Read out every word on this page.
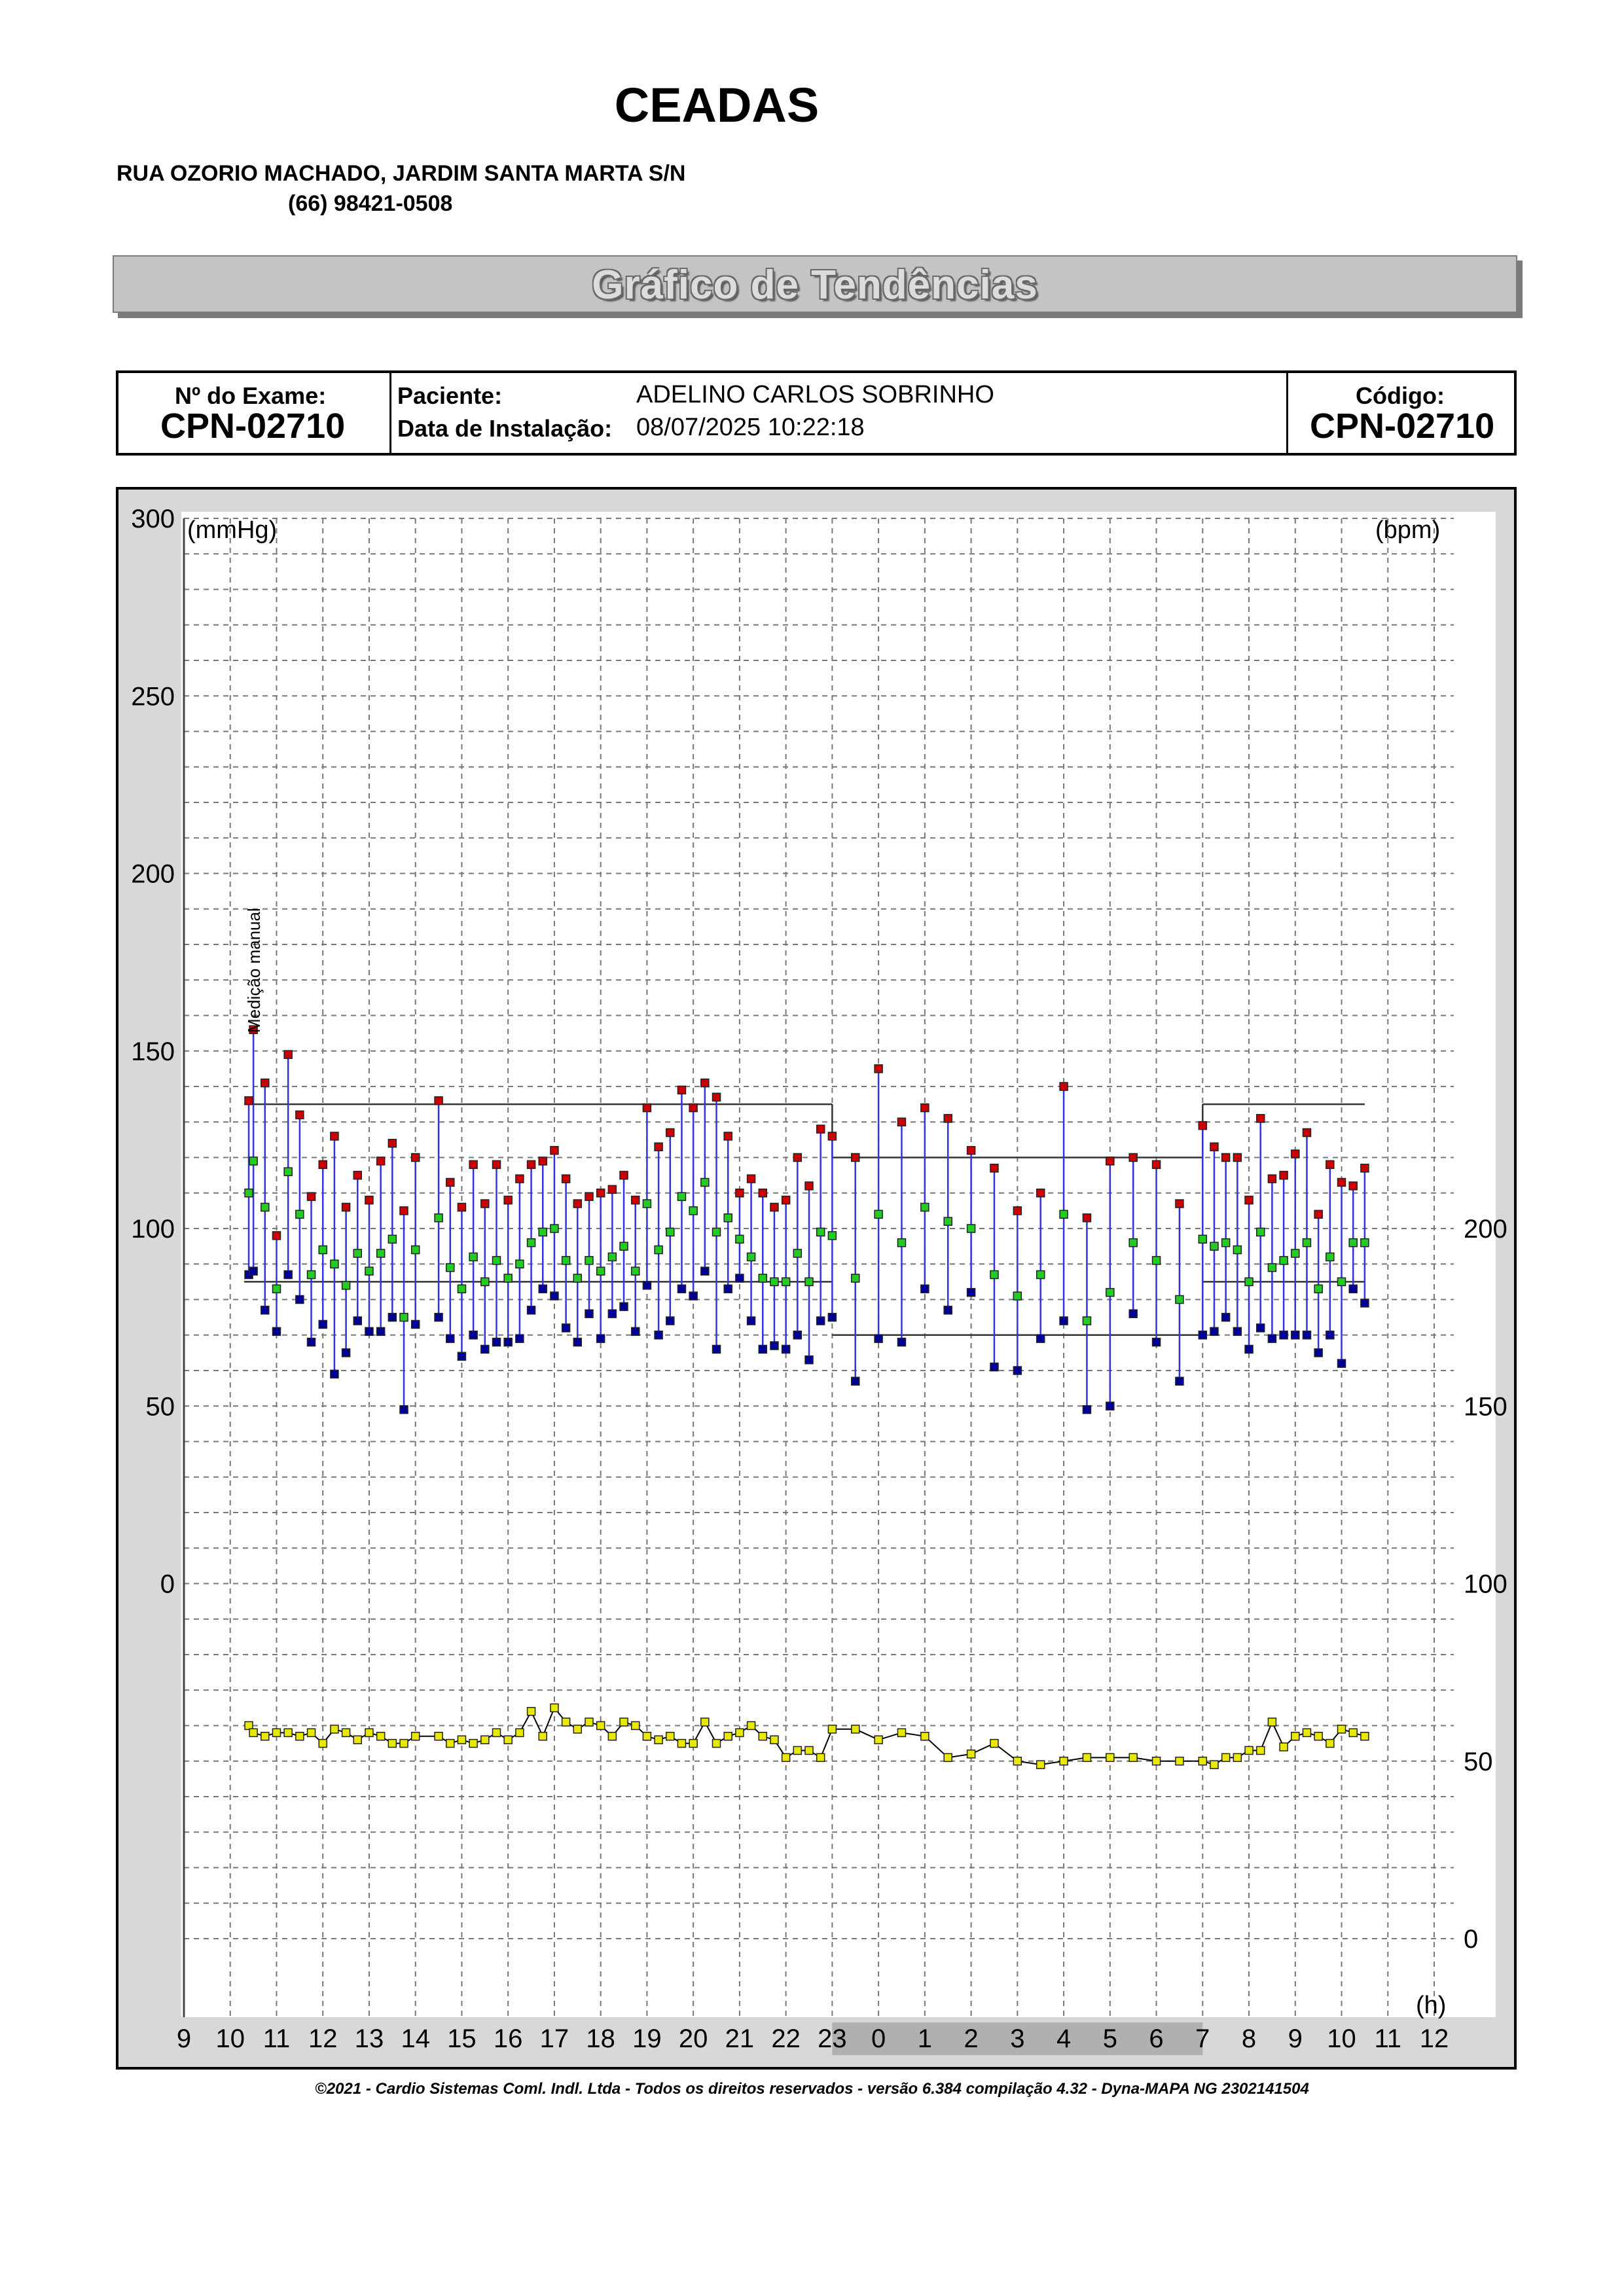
CEADAS
RUA OZORIO MACHADO, JARDIM SANTA MARTA S/N
(66) 98421-0508
Gráfico de Tendências
Nº do Exame:
CPN-02710
Paciente:	ADELINO CARLOS SOBRINHO
Data de Instalação: 08/07/2025 10:22:18
Código:
CPN-02710
300
250
200
150
100
50
0
200
150
100
50
0
9 10 11 12 13 14 15 16 17 18 19 20 21 22 23 0 1 2 3 4 5 6 7 8 9 10 11 12
(mmHg)	(bpm)
(h)
Medição manual
©2021 - Cardio Sistemas Coml. Indl. Ltda - Todos os direitos reservados - versão 6.384 compilação 4.32 - Dyna-MAPA NG 2302141504
